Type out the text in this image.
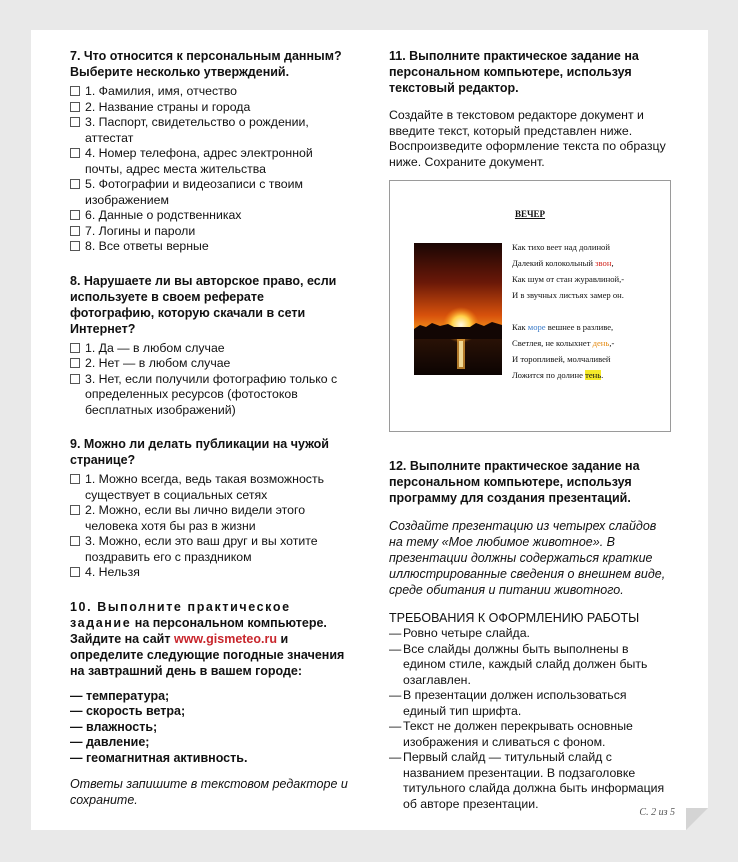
7. Что относится к персональным данным? Выберите несколько утверждений.

1. Фамилия, имя, отчество
2. Название страны и города
3. Паспорт, свидетельство о рождении, аттестат
4. Номер телефона, адрес электронной почты, адрес места жительства
5. Фотографии и видеозаписи с твоим изображением
6. Данные о родственниках
7. Логины и пароли
8. Все ответы верные

8. Нарушаете ли вы авторское право, если используете в своем реферате фотографию, которую скачали в сети Интернет?

1. Да — в любом случае
2. Нет — в любом случае
3. Нет, если получили фотографию только с определенных ресурсов (фотостоков бесплатных изображений)

9. Можно ли делать публикации на чужой странице?

1. Можно всегда, ведь такая возможность существует в социальных сетях
2. Можно, если вы лично видели этого человека хотя бы раз в жизни
3. Можно, если это ваш друг и вы хотите поздравить его с праздником
4. Нельзя

10. Выполните практическое задание на персональном компьютере. Зайдите на сайт www.gismeteo.ru и определите следующие погодные значения на завтрашний день в вашем городе:

— температура;
— скорость ветра;
— влажность;
— давление;
— геомагнитная активность.
Ответы запишите в текстовом редакторе и сохраните.

11. Выполните практическое задание на персональном компьютере, используя текстовый редактор.

Создайте в текстовом редакторе документ и введите текст, который представлен ниже. Воспроизведите оформление текста по образцу ниже. Сохраните документ.
ВЕЧЕР
Как тихо веет над долиной
Далекий колокольный звон,
Как шум от стан журавлиной,-
И в звучных листьях замер он.
Как море вешнее в разливе,
Светлея, не колыхнет день,-
И торопливей, молчаливей
Ложится по долине тень.

12. Выполните практическое задание на персональном компьютере, используя программу для создания презентаций.

Создайте презентацию из четырех слайдов на тему «Мое любимое животное». В презентации должны содержаться краткие иллюстрированные сведения о внешнем виде, среде обитания и питании животного.
ТРЕБОВАНИЯ К ОФОРМЛЕНИЮ РАБОТЫ
— Ровно четыре слайда.
— Все слайды должны быть выполнены в едином стиле, каждый слайд должен быть озаглавлен.
— В презентации должен использоваться единый тип шрифта.
— Текст не должен перекрывать основные изображения и сливаться с фоном.
— Первый слайд — титульный слайд с названием презентации. В подзаголовке титульного слайда должна быть информация об авторе презентации.
С. 2 из 5
